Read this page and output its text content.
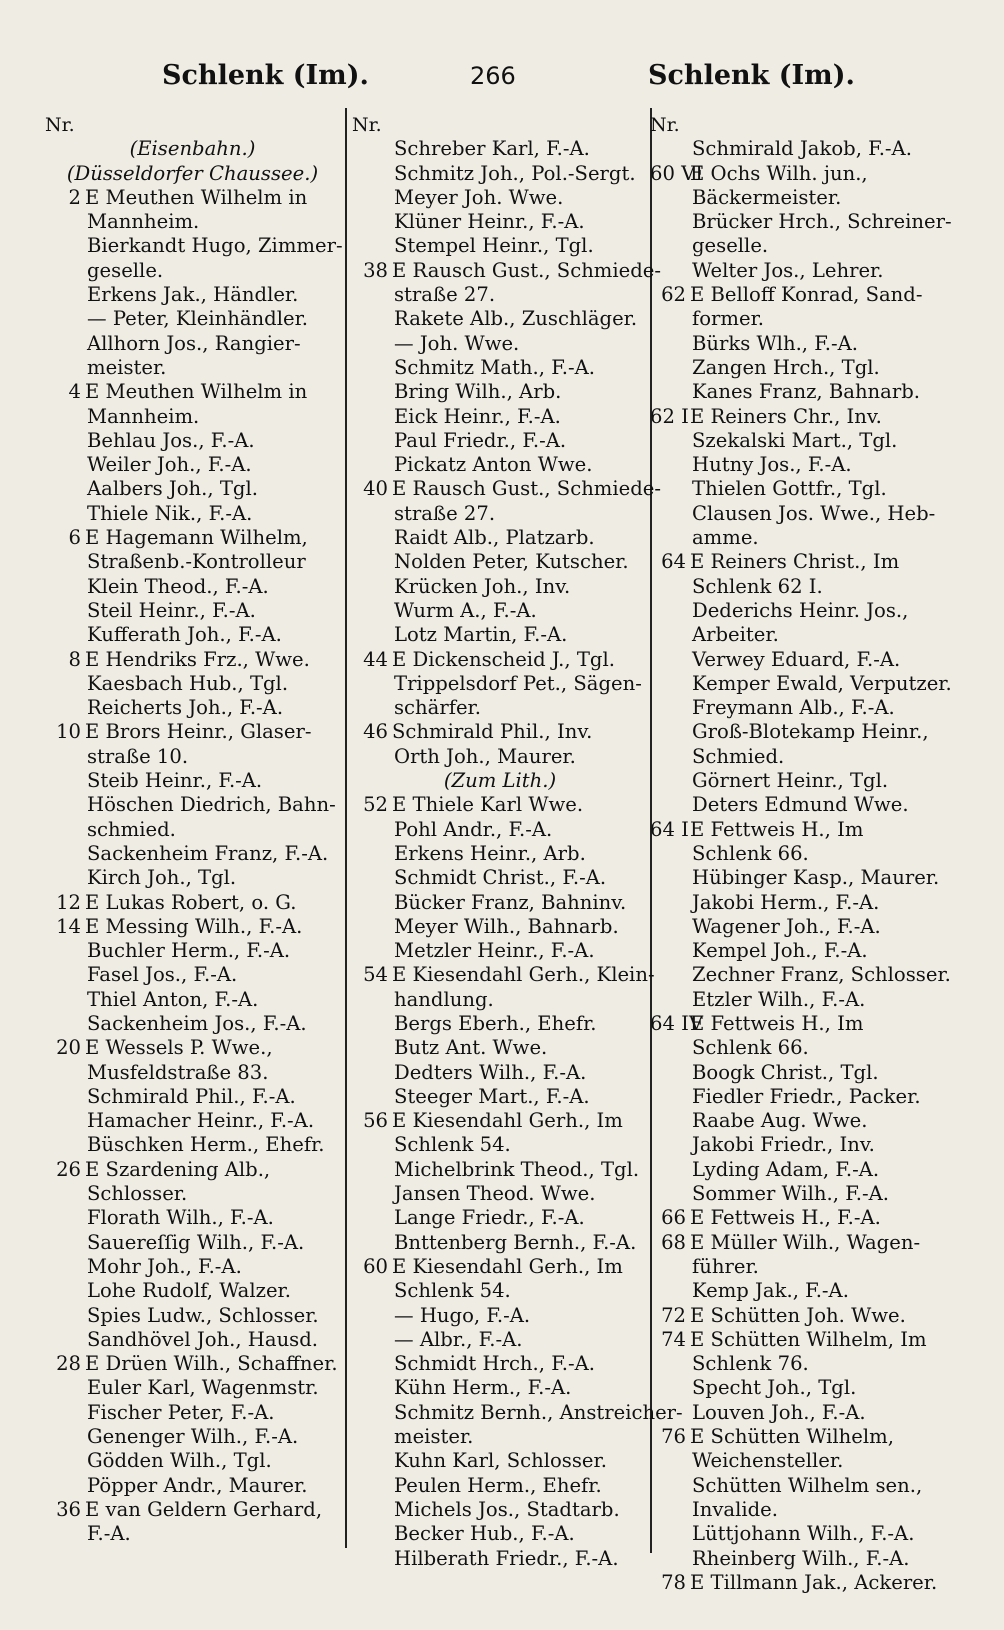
Schlenk (Im).	266	Schlenk (Im).
Nr.
(Eisenbahn.)
(Düsseldorfer Chaussee.)
2 E Meuthen Wilhelm in
Mannheim.
Bierkandt Hugo, Zimmer-
geselle.
Erkens Jak., Händler.
— Peter, Kleinhändler.
Allhorn Jos., Rangier-
meister.
4 E Meuthen Wilhelm in
Mannheim.
Behlau Jos., F.-A.
Weiler Joh., F.-A.
Aalbers Joh., Tgl.
Thiele Nik., F.-A.
6 E Hagemann Wilhelm,
Straßenb.-Kontrolleur
Klein Theod., F.-A.
Steil Heinr., F.-A.
Kufferath Joh., F.-A.
8 E Hendriks Frz., Wwe.
Kaesbach Hub., Tgl.
Reicherts Joh., F.-A.
10 E Brors Heinr., Glaser-
straße 10.
Steib Heinr., F.-A.
Höschen Diedrich, Bahn-
schmied.
Sackenheim Franz, F.-A.
Kirch Joh., Tgl.
12 E Lukas Robert, o. G.
14 E Messing Wilh., F.-A.
Buchler Herm., F.-A.
Fasel Jos., F.-A.
Thiel Anton, F.-A.
Sackenheim Jos., F.-A.
20 E Wessels P. Wwe.,
Musfeldstraße 83.
Schmirald Phil., F.-A.
Hamacher Heinr., F.-A.
Büschken Herm., Ehefr.
26 E Szardening Alb.,
Schlosser.
Florath Wilh., F.-A.
Sauereſſig Wilh., F.-A.
Mohr Joh., F.-A.
Lohe Rudolf, Walzer.
Spies Ludw., Schlosser.
Sandhövel Joh., Hausd.
28 E Drüen Wilh., Schaffner.
Euler Karl, Wagenmstr.
Fischer Peter, F.-A.
Genenger Wilh., F.-A.
Gödden Wilh., Tgl.
Pöpper Andr., Maurer.
36 E van Geldern Gerhard,
F.-A.
Nr.
Schreber Karl, F.-A.
Schmitz Joh., Pol.-Sergt.
Meyer Joh. Wwe.
Klüner Heinr., F.-A.
Stempel Heinr., Tgl.
38 E Rausch Gust., Schmiede-
straße 27.
Rakete Alb., Zuschläger.
— Joh. Wwe.
Schmitz Math., F.-A.
Bring Wilh., Arb.
Eick Heinr., F.-A.
Paul Friedr., F.-A.
Pickatz Anton Wwe.
40 E Rausch Gust., Schmiede-
straße 27.
Raidt Alb., Platzarb.
Nolden Peter, Kutscher.
Krücken Joh., Inv.
Wurm A., F.-A.
Lotz Martin, F.-A.
44 E Dickenscheid J., Tgl.
Trippelsdorf Pet., Sägen-
schärfer.
46 Schmirald Phil., Inv.
Orth Joh., Maurer.
(Zum Lith.)
52 E Thiele Karl Wwe.
Pohl Andr., F.-A.
Erkens Heinr., Arb.
Schmidt Christ., F.-A.
Bücker Franz, Bahninv.
Meyer Wilh., Bahnarb.
Metzler Heinr., F.-A.
54 E Kiesendahl Gerh., Klein-
handlung.
Bergs Eberh., Ehefr.
Butz Ant. Wwe.
Dedters Wilh., F.-A.
Steeger Mart., F.-A.
56 E Kiesendahl Gerh., Im
Schlenk 54.
Michelbrink Theod., Tgl.
Jansen Theod. Wwe.
Lange Friedr., F.-A.
Bnttenberg Bernh., F.-A.
60 E Kiesendahl Gerh., Im
Schlenk 54.
— Hugo, F.-A.
— Albr., F.-A.
Schmidt Hrch., F.-A.
Kühn Herm., F.-A.
Schmitz Bernh., Anstreicher-
meister.
Kuhn Karl, Schlosser.
Peulen Herm., Ehefr.
Michels Jos., Stadtarb.
Becker Hub., F.-A.
Hilberath Friedr., F.-A.
Nr.
Schmirald Jakob, F.-A.
60 VIE Ochs Wilh. jun.,
Bäckermeister.
Brücker Hrch., Schreiner-
geselle.
Welter Jos., Lehrer.
62 E Belloff Konrad, Sand-
former.
Bürks Wlh., F.-A.
Zangen Hrch., Tgl.
Kanes Franz, Bahnarb.
62 IE Reiners Chr., Inv.
Szekalski Mart., Tgl.
Hutny Jos., F.-A.
Thielen Gottfr., Tgl.
Clausen Jos. Wwe., Heb-
amme.
64 E Reiners Christ., Im
Schlenk 62 I.
Dederichs Heinr. Jos.,
Arbeiter.
Verwey Eduard, F.-A.
Kemper Ewald, Verputzer.
Freymann Alb., F.-A.
Groß-Blotekamp Heinr.,
Schmied.
Görnert Heinr., Tgl.
Deters Edmund Wwe.
64 IE Fettweis H., Im
Schlenk 66.
Hübinger Kasp., Maurer.
Jakobi Herm., F.-A.
Wagener Joh., F.-A.
Kempel Joh., F.-A.
Zechner Franz, Schlosser.
Etzler Wilh., F.-A.
64 IVE Fettweis H., Im
Schlenk 66.
Boogk Christ., Tgl.
Fiedler Friedr., Packer.
Raabe Aug. Wwe.
Jakobi Friedr., Inv.
Lyding Adam, F.-A.
Sommer Wilh., F.-A.
66 E Fettweis H., F.-A.
68 E Müller Wilh., Wagen-
führer.
Kemp Jak., F.-A.
72 E Schütten Joh. Wwe.
74 E Schütten Wilhelm, Im
Schlenk 76.
Specht Joh., Tgl.
Louven Joh., F.-A.
76 E Schütten Wilhelm,
Weichensteller.
Schütten Wilhelm sen.,
Invalide.
Lüttjohann Wilh., F.-A.
Rheinberg Wilh., F.-A.
78 E Tillmann Jak., Ackerer.
